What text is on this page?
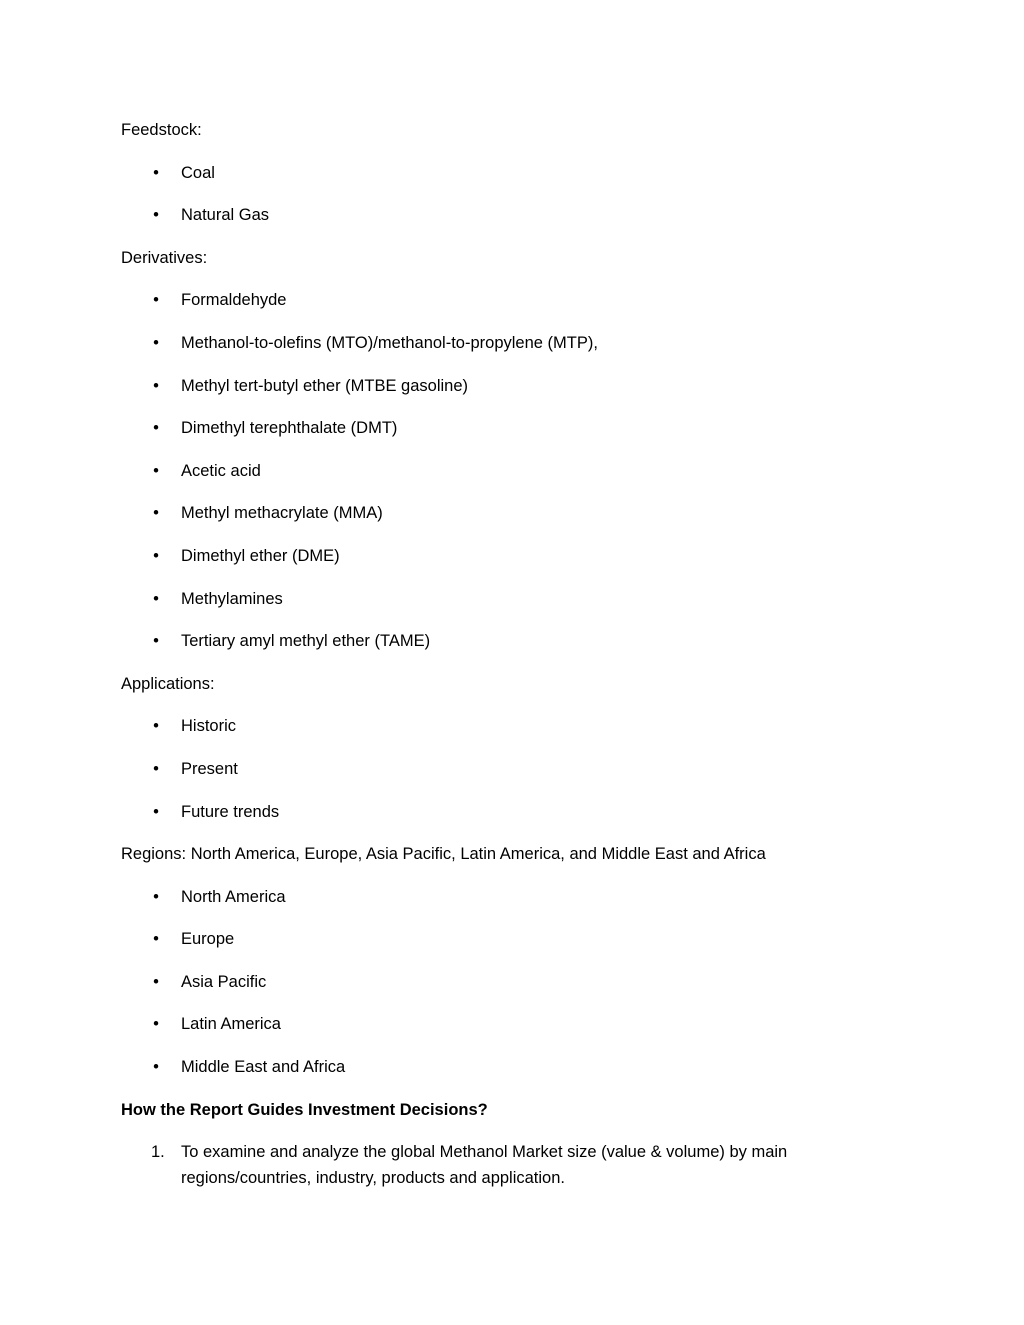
Feedstock:
• Coal
• Natural Gas
Derivatives:
• Formaldehyde
• Methanol-to-olefins (MTO)/methanol-to-propylene (MTP),
• Methyl tert-butyl ether (MTBE gasoline)
• Dimethyl terephthalate (DMT)
• Acetic acid
• Methyl methacrylate (MMA)
• Dimethyl ether (DME)
• Methylamines
• Tertiary amyl methyl ether (TAME)
Applications:
• Historic
• Present
• Future trends
Regions: North America, Europe, Asia Pacific, Latin America, and Middle East and Africa
• North America
• Europe
• Asia Pacific
• Latin America
• Middle East and Africa
How the Report Guides Investment Decisions?
1. To examine and analyze the global Methanol Market size (value & volume) by main regions/countries, industry, products and application.
